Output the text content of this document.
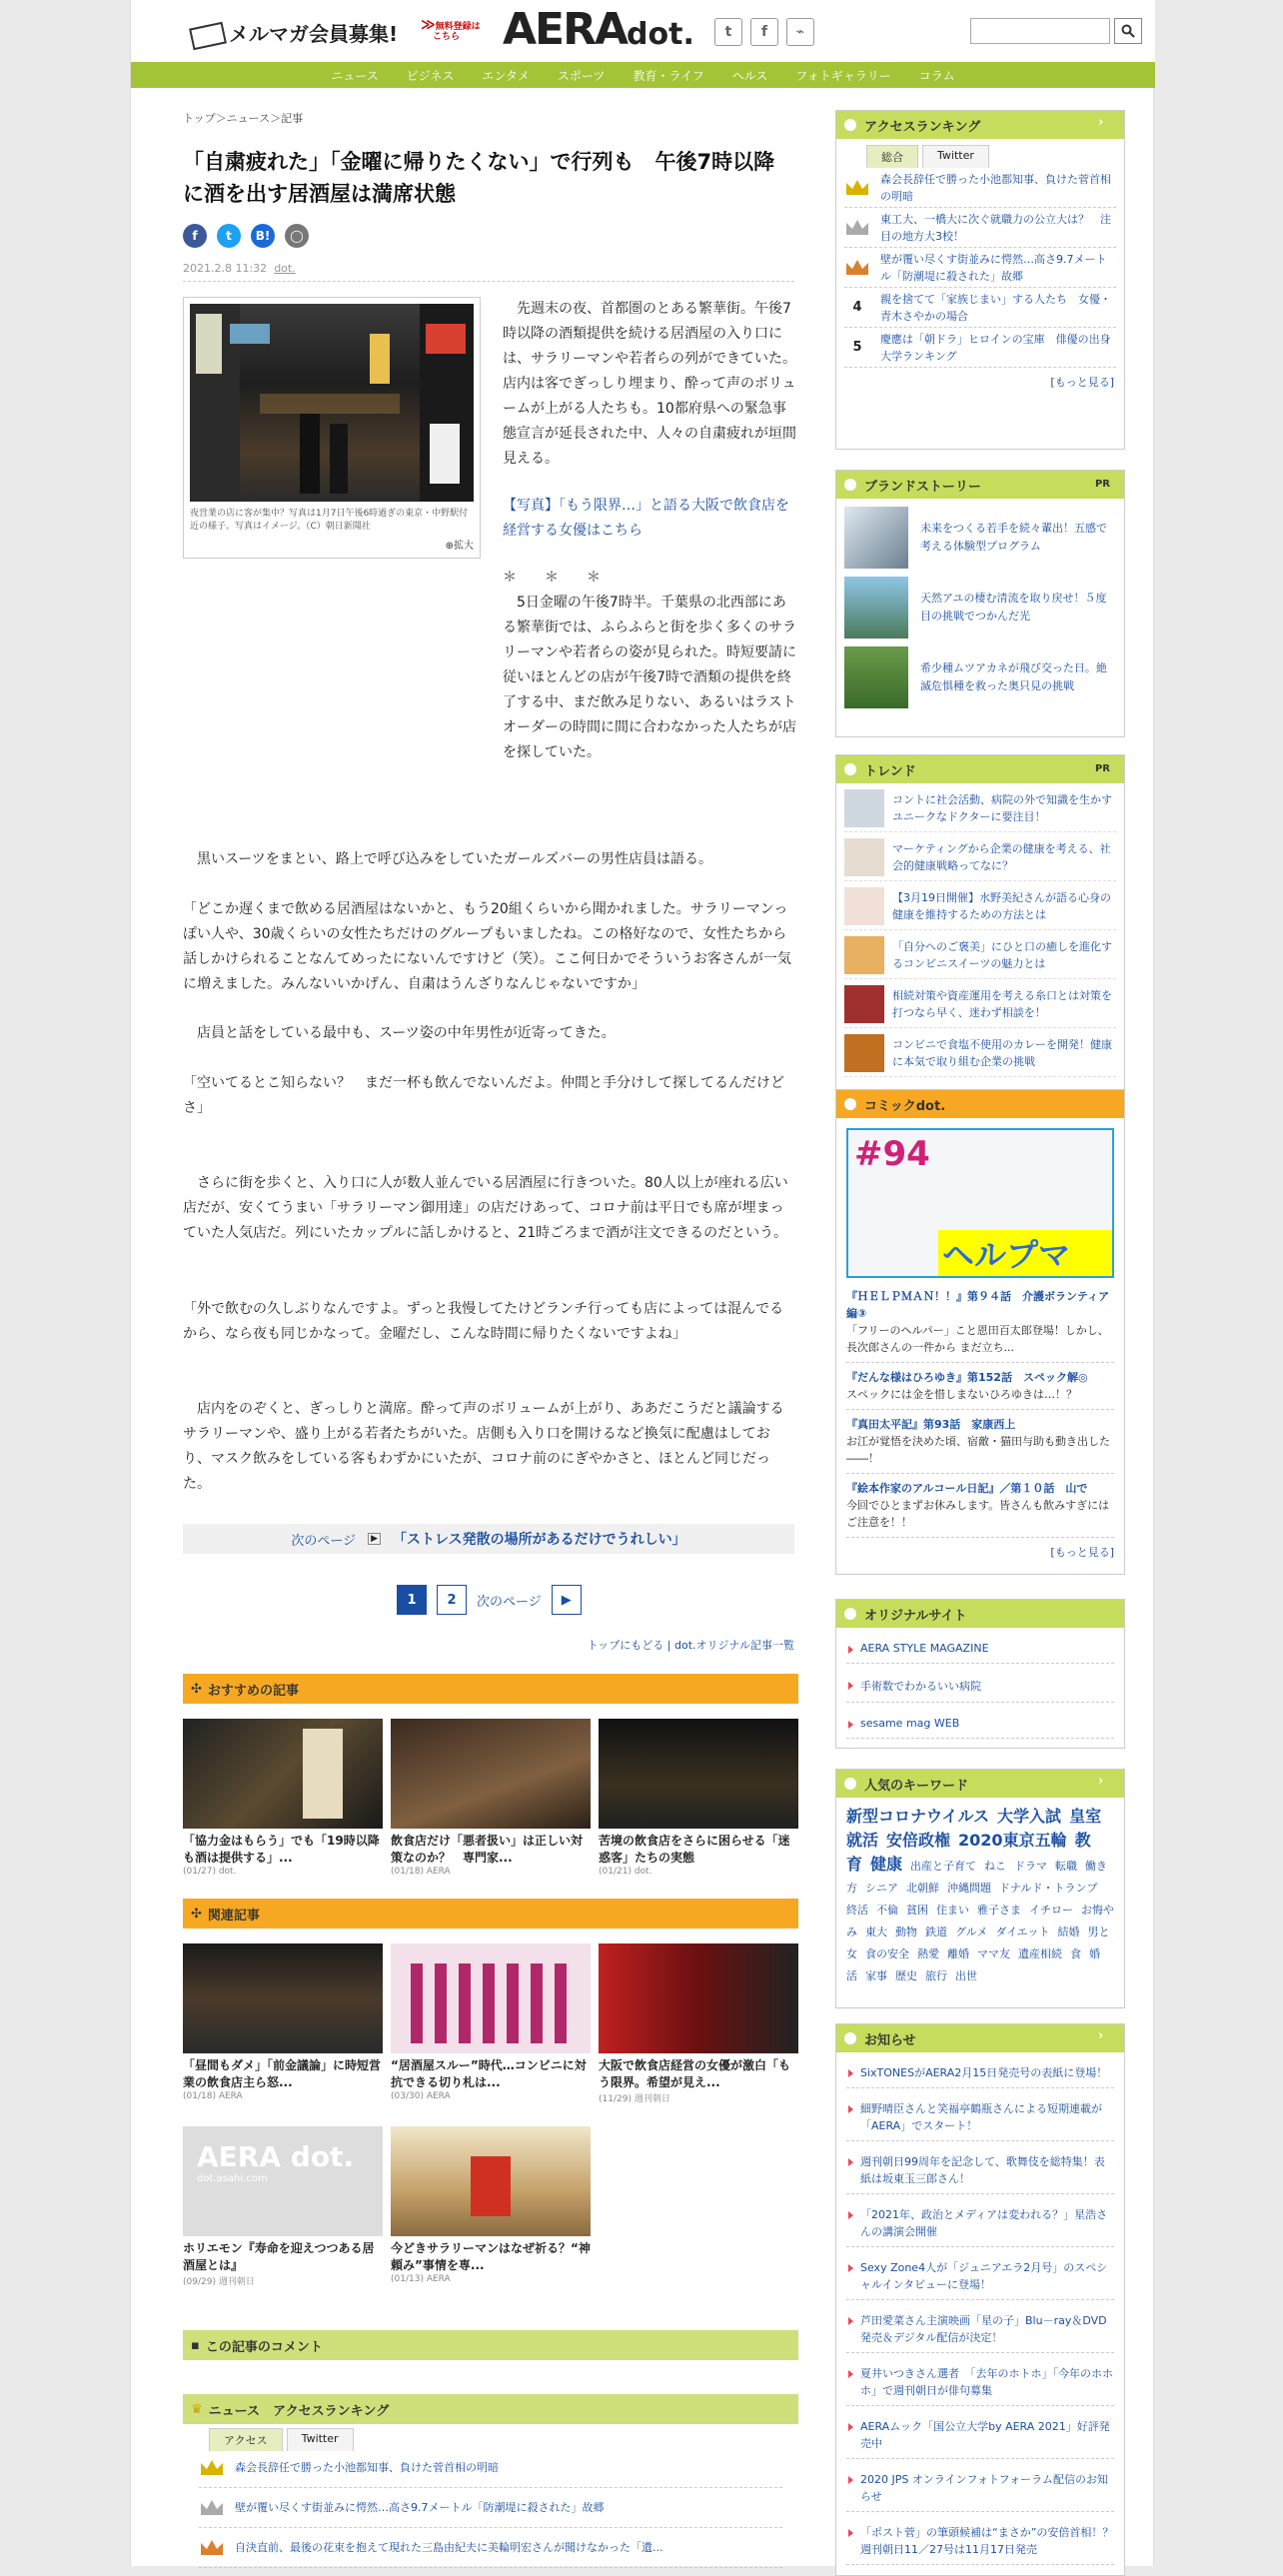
メルマガ会員募集! ≫無料登録は
こちら AERAdot.	t	f	⌁
ニュース ビジネス エンタメ スポーツ 教育・ライフ ヘルス フォトギャラリー コラム
トップ＞ニュース＞記事
「自粛疲れた」「金曜に帰りたくない」で行列も　午後7時以降に酒を出す居酒屋は満席状態
f	t	B!	◯
2021.2.8 11:32 dot.
夜営業の店に客が集中？写真は1月7日午後6時過ぎの東京・中野駅付近の様子。写真はイメージ。（C）朝日新聞社
⊕拡大

　先週末の夜、首都圏のとある繁華街。午後7時以降の酒類提供を続ける居酒屋の入り口には、サラリーマンや若者らの列ができていた。店内は客でぎっしり埋まり、酔って声のボリュームが上がる人たちも。10都府県への緊急事態宣言が延長された中、人々の自粛疲れが垣間見える。

【写真】「もう限界…」と語る大阪で飲食店を経営する女優はこちら

＊　　＊　　＊

　5日金曜の午後7時半。千葉県の北西部にある繁華街では、ふらふらと街を歩く多くのサラリーマンや若者らの姿が見られた。時短要請に従いほとんどの店が午後7時で酒類の提供を終了する中、まだ飲み足りない、あるいはラストオーダーの時間に間に合わなかった人たちが店を探していた。

　黒いスーツをまとい、路上で呼び込みをしていたガールズバーの男性店員は語る。

「どこか遅くまで飲める居酒屋はないかと、もう20組くらいから聞かれました。サラリーマンっぽい人や、30歳くらいの女性たちだけのグループもいましたね。この格好なので、女性たちから話しかけられることなんてめったにないんですけど（笑）。ここ何日かでそういうお客さんが一気に増えました。みんないいかげん、自粛はうんざりなんじゃないですか」

　店員と話をしている最中も、スーツ姿の中年男性が近寄ってきた。

「空いてるとこ知らない？　まだ一杯も飲んでないんだよ。仲間と手分けして探してるんだけどさ」

　さらに街を歩くと、入り口に人が数人並んでいる居酒屋に行きついた。80人以上が座れる広い店だが、安くてうまい「サラリーマン御用達」の店だけあって、コロナ前は平日でも席が埋まっていた人気店だ。列にいたカップルに話しかけると、21時ごろまで酒が注文できるのだという。

「外で飲むの久しぶりなんですよ。ずっと我慢してたけどランチ行っても店によっては混んでるから、なら夜も同じかなって。金曜だし、こんな時間に帰りたくないですよね」

　店内をのぞくと、ぎっしりと満席。酔って声のボリュームが上がり、ああだこうだと議論するサラリーマンや、盛り上がる若者たちがいた。店側も入り口を開けるなど換気に配慮はしており、マスク飲みをしている客もわずかにいたが、コロナ前のにぎやかさと、ほとんど同じだった。

次のページ	▶ 「ストレス発散の場所があるだけでうれしい」
1	2	次のページ	▶
トップにもどる | dot.オリジナル記事一覧
✣ おすすめの記事
「協力金はもらう」でも「19時以降も酒は提供する」...
(01/27) dot.
飲食店だけ「悪者扱い」は正しい対策なのか？　専門家...
(01/18) AERA
苦境の飲食店をさらに困らせる「迷惑客」たちの実態
(01/21) dot.
✣ 関連記事
「昼間もダメ」「前金議論」に時短営業の飲食店主ら怒...
(01/18) AERA
“居酒屋スルー”時代…コンビニに対抗できる切り札は...
(03/30) AERA
大阪で飲食店経営の女優が激白「もう限界。希望が見え...
(11/29) 週刊朝日
AERA dot.
dot.asahi.com
ホリエモン『寿命を迎えつつある居酒屋とは』
(09/29) 週刊朝日
今どきサラリーマンはなぜ祈る？“神頼み”事情を専...
(01/13) AERA
▪ この記事のコメント
♛ ニュース　アクセスランキング
アクセス	Twitter
森会長辞任で勝った小池都知事、負けた菅首相の明暗
壁が覆い尽くす街並みに愕然…高さ9.7メートル「防潮堤に殺された」故郷
自決直前、最後の花束を抱えて現れた三島由紀夫に美輪明宏さんが聞けなかった「遺...
アクセスランキング	›
総合	Twitter
森会長辞任で勝った小池都知事、負けた菅首相の明暗
東工大、一橋大に次ぐ就職力の公立大は？　注目の地方大3校！
壁が覆い尽くす街並みに愕然…高さ9.7メートル「防潮堤に殺された」故郷
4
親を捨てて「家族じまい」する人たち　女優・青木さやかの場合
5
慶應は「朝ドラ」ヒロインの宝庫　俳優の出身大学ランキング
[もっと見る]
ブランドストーリー	PR
未来をつくる若手を続々輩出！五感で考える体験型プログラム
天然アユの棲む清流を取り戻せ！５度目の挑戦でつかんだ光
希少種ムツアカネが飛び交った日。絶滅危惧種を救った奥只見の挑戦
トレンド	PR
コントに社会活動、病院の外で知識を生かすユニークなドクターに要注目！
マーケティングから企業の健康を考える、社会的健康戦略ってなに？
【3月19日開催】水野美紀さんが語る心身の健康を維持するための方法とは
「自分へのご褒美」にひと口の癒しを進化するコンビニスイーツの魅力とは
相続対策や資産運用を考える糸口とは対策を打つなら早く、迷わず相談を！
コンビニで食塩不使用のカレーを開発！健康に本気で取り組む企業の挑戦
コミックdot.
#94
ヘルプマ
『ＨＥＬＰＭＡＮ！！』第９４話　介護ボランティア編③
「フリーのヘルパー」こと恩田百太郎登場！しかし、長次郎さんの一件から まだ立ち...
『だんな様はひろゆき』第152話　スペック解◎
スペックには金を惜しまないひろゆきは…！？
『真田太平記』第93話　家康西上
お江が覚悟を決めた頃、宿敵・猫田与助も動き出した――！
『絵本作家のアルコール日記』／第１０話　山で
今回でひとまずお休みします。皆さんも飲みすぎには ご注意を！！
[もっと見る]
オリジナルサイト
AERA STYLE MAGAZINE
手術数でわかるいい病院
sesame mag WEB
人気のキーワード	›
新型コロナウイルス 大学入試 皇室就活 安倍政権 2020東京五輪 教育 健康 出産と子育て ねこ ドラマ 転職 働き方 シニア 北朝鮮 沖縄問題 ドナルド・トランプ終活 不倫 貧困 住まい 雅子さま イチロー お悔やみ 東大 動物 鉄道 グルメ ダイエット 結婚 男と女 食の安全 熱愛 離婚 ママ友 遺産相続 食 婚活 家事 歴史 旅行 出世
お知らせ	›
SixTONESがAERA2月15日発売号の表紙に登場！
細野晴臣さんと笑福亭鶴瓶さんによる短期連載が「AERA」でスタート！
週刊朝日99周年を記念して、歌舞伎を総特集！表紙は坂東玉三郎さん！
「2021年、政治とメディアは変われる？」星浩さんの講演会開催
Sexy Zone4人が「ジュニアエラ2月号」のスペシャルインタビューに登場！
芦田愛菜さん主演映画「星の子」Blu－ray＆DVD発売＆デジタル配信が決定！
夏井いつきさん選者　「去年のホトホ」「今年のホホホ」で週刊朝日が俳句募集
AERAムック「国公立大学by AERA 2021」好評発売中
2020 JPS オンラインフォトフォーラム配信のお知らせ
「ポスト菅」の筆頭候補は“まさか”の安倍首相！？週刊朝日11／27号は11月17日発売
